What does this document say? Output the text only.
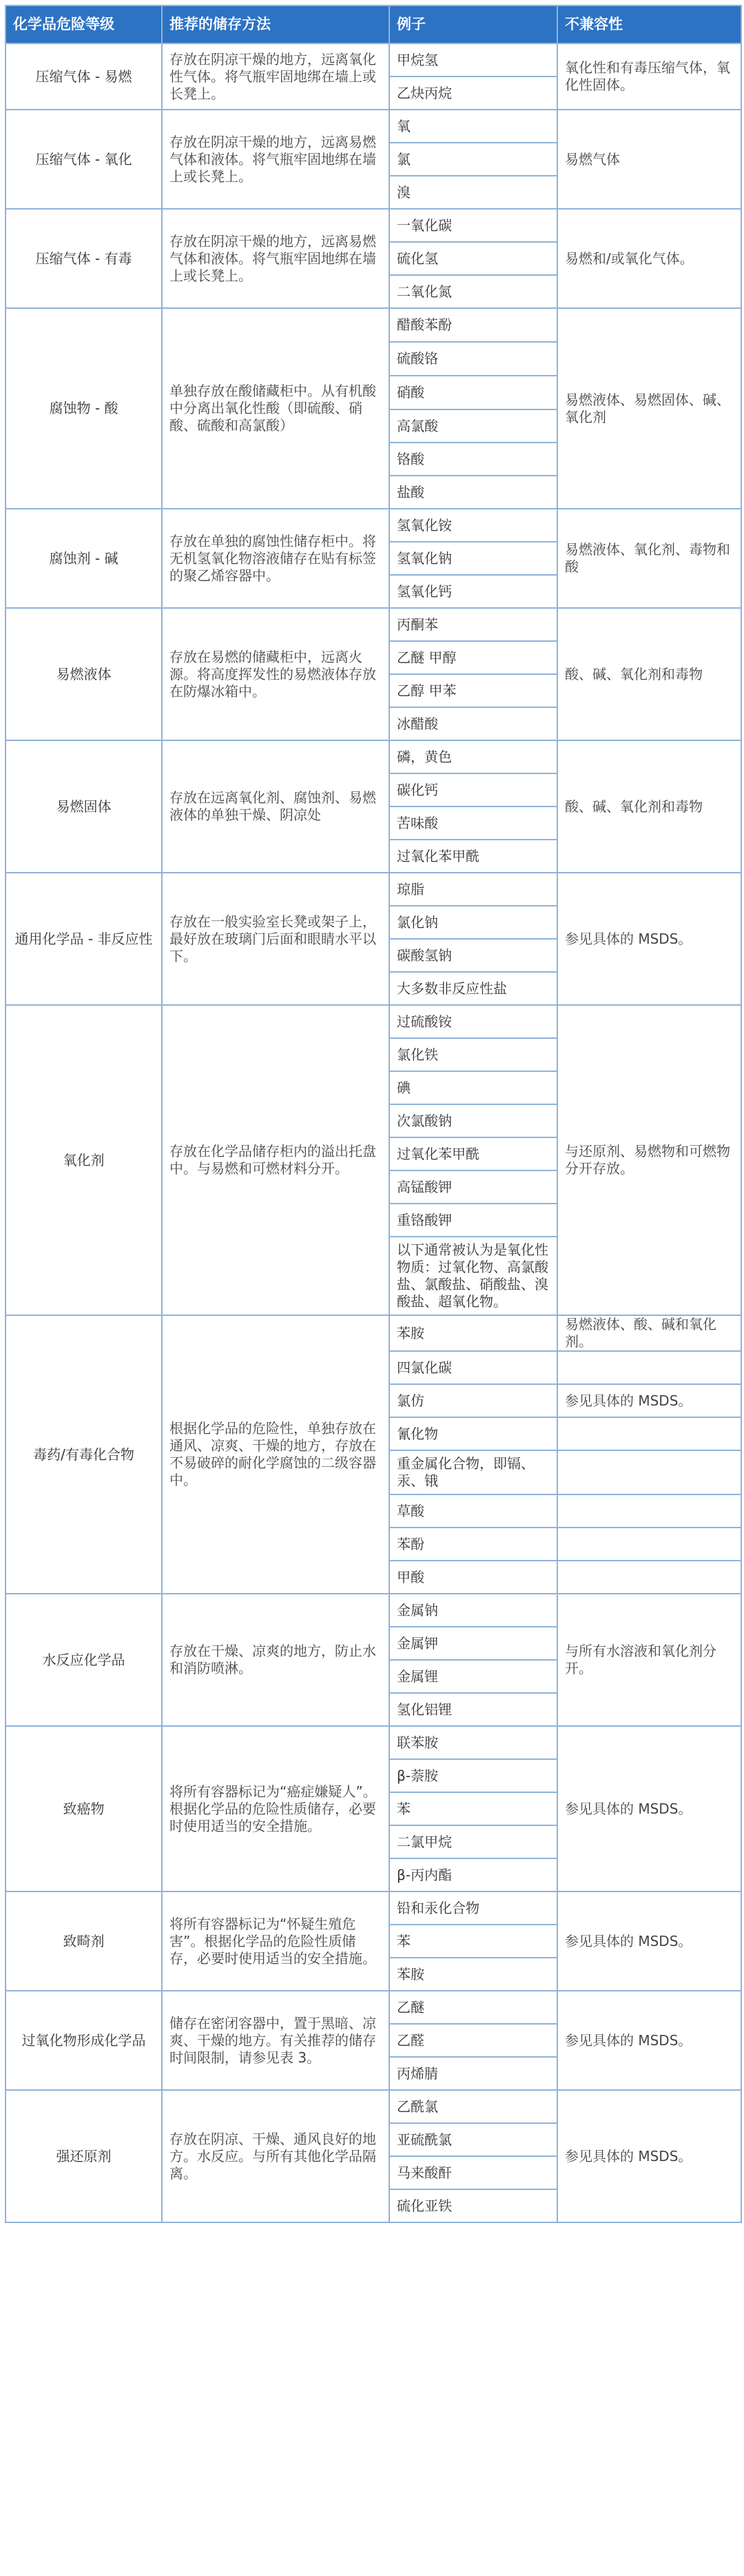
化学品危险等级	推荐的储存方法	例子	不兼容性
压缩气体 - 易燃	存放在阴凉干燥的地方，远离氧化性气体。将气瓶牢固地绑在墙上或长凳上。	甲烷氢	氧化性和有毒压缩气体，氧化性固体。
		乙炔丙烷	
压缩气体 - 氧化	存放在阴凉干燥的地方，远离易燃气体和液体。将气瓶牢固地绑在墙上或长凳上。	氧	易燃气体
		氯	
		溴	
压缩气体 - 有毒	存放在阴凉干燥的地方，远离易燃气体和液体。将气瓶牢固地绑在墙上或长凳上。	一氧化碳	易燃和/或氧化气体。
		硫化氢	
		二氧化氮	
腐蚀物 - 酸	单独存放在酸储藏柜中。从有机酸中分离出氧化性酸（即硫酸、硝酸、硫酸和高氯酸）	醋酸苯酚	易燃液体、易燃固体、碱、氧化剂
		硫酸铬	
		硝酸	
		高氯酸	
		铬酸	
		盐酸	
腐蚀剂 - 碱	存放在单独的腐蚀性储存柜中。将无机氢氧化物溶液储存在贴有标签的聚乙烯容器中。	氢氧化铵	易燃液体、氧化剂、毒物和酸
		氢氧化钠	
		氢氧化钙	
易燃液体	存放在易燃的储藏柜中，远离火源。将高度挥发性的易燃液体存放在防爆冰箱中。	丙酮苯	酸、碱、氧化剂和毒物
		乙醚 甲醇	
		乙醇 甲苯	
		冰醋酸	
易燃固体	存放在远离氧化剂、腐蚀剂、易燃液体的单独干燥、阴凉处	磷，黄色	酸、碱、氧化剂和毒物
		碳化钙	
		苦味酸	
		过氧化苯甲酰	
通用化学品 - 非反应性	存放在一般实验室长凳或架子上，最好放在玻璃门后面和眼睛水平以下。	琼脂	参见具体的 MSDS。
		氯化钠	
		碳酸氢钠	
		大多数非反应性盐	
氧化剂	存放在化学品储存柜内的溢出托盘中。与易燃和可燃材料分开。	过硫酸铵	与还原剂、易燃物和可燃物分开存放。
		氯化铁	
		碘	
		次氯酸钠	
		过氧化苯甲酰	
		高锰酸钾	
		重铬酸钾	
		以下通常被认为是氧化性物质：过氧化物、高氯酸盐、氯酸盐、硝酸盐、溴酸盐、超氧化物。	
毒药/有毒化合物	根据化学品的危险性，单独存放在通风、凉爽、干燥的地方，存放在不易破碎的耐化学腐蚀的二级容器中。	苯胺	易燃液体、酸、碱和氧化剂。
		四氯化碳	
		氯仿	参见具体的 MSDS。
		氰化物	
		重金属化合物，即镉、汞、锇	
		草酸	
		苯酚	
		甲酸	
水反应化学品	存放在干燥、凉爽的地方，防止水和消防喷淋。	金属钠	与所有水溶液和氧化剂分开。
		金属钾	
		金属锂	
		氢化铝锂	
致癌物	将所有容器标记为“癌症嫌疑人”。根据化学品的危险性质储存，必要时使用适当的安全措施。	联苯胺	参见具体的 MSDS。
		β-萘胺	
		苯	
		二氯甲烷	
		β-丙内酯	
致畸剂	将所有容器标记为“怀疑生殖危害”。根据化学品的危险性质储存，必要时使用适当的安全措施。	铅和汞化合物	参见具体的 MSDS。
		苯	
		苯胺	
过氧化物形成化学品	储存在密闭容器中，置于黑暗、凉爽、干燥的地方。有关推荐的储存时间限制，请参见表 3。	乙醚	参见具体的 MSDS。
		乙醛	
		丙烯腈	
强还原剂	存放在阴凉、干燥、通风良好的地方。水反应。与所有其他化学品隔离。	乙酰氯	参见具体的 MSDS。
		亚硫酰氯	
		马来酸酐	
		硫化亚铁	
